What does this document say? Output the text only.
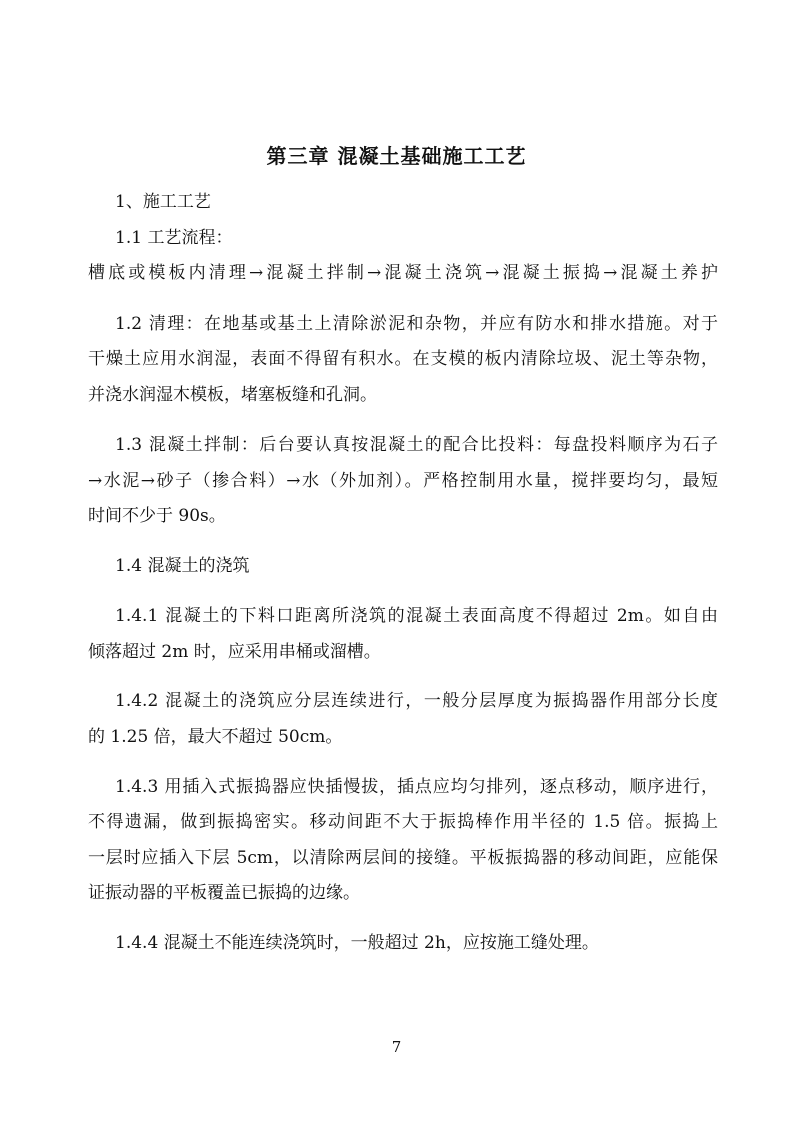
第三章 混凝土基础施工工艺
1、施工工艺
1.1 工艺流程：
槽底或模板内清理→混凝土拌制→混凝土浇筑→混凝土振捣→混凝土养护
1.2 清理：在地基或基土上清除淤泥和杂物，并应有防水和排水措施。对于
干燥土应用水润湿，表面不得留有积水。在支模的板内清除垃圾、泥土等杂物，
并浇水润湿木模板，堵塞板缝和孔洞。
1.3 混凝土拌制：后台要认真按混凝土的配合比投料：每盘投料顺序为石子
→水泥→砂子（掺合料）→水（外加剂）。严格控制用水量，搅拌要均匀，最短
时间不少于 90s。
1.4 混凝土的浇筑
1.4.1 混凝土的下料口距离所浇筑的混凝土表面高度不得超过 2m。如自由
倾落超过 2m 时，应采用串桶或溜槽。
1.4.2 混凝土的浇筑应分层连续进行，一般分层厚度为振捣器作用部分长度
的 1.25 倍，最大不超过 50cm。
1.4.3 用插入式振捣器应快插慢拔，插点应均匀排列，逐点移动，顺序进行，
不得遗漏，做到振捣密实。移动间距不大于振捣棒作用半径的 1.5 倍。振捣上
一层时应插入下层 5cm，以清除两层间的接缝。平板振捣器的移动间距，应能保
证振动器的平板覆盖已振捣的边缘。
1.4.4 混凝土不能连续浇筑时，一般超过 2h，应按施工缝处理。
7
